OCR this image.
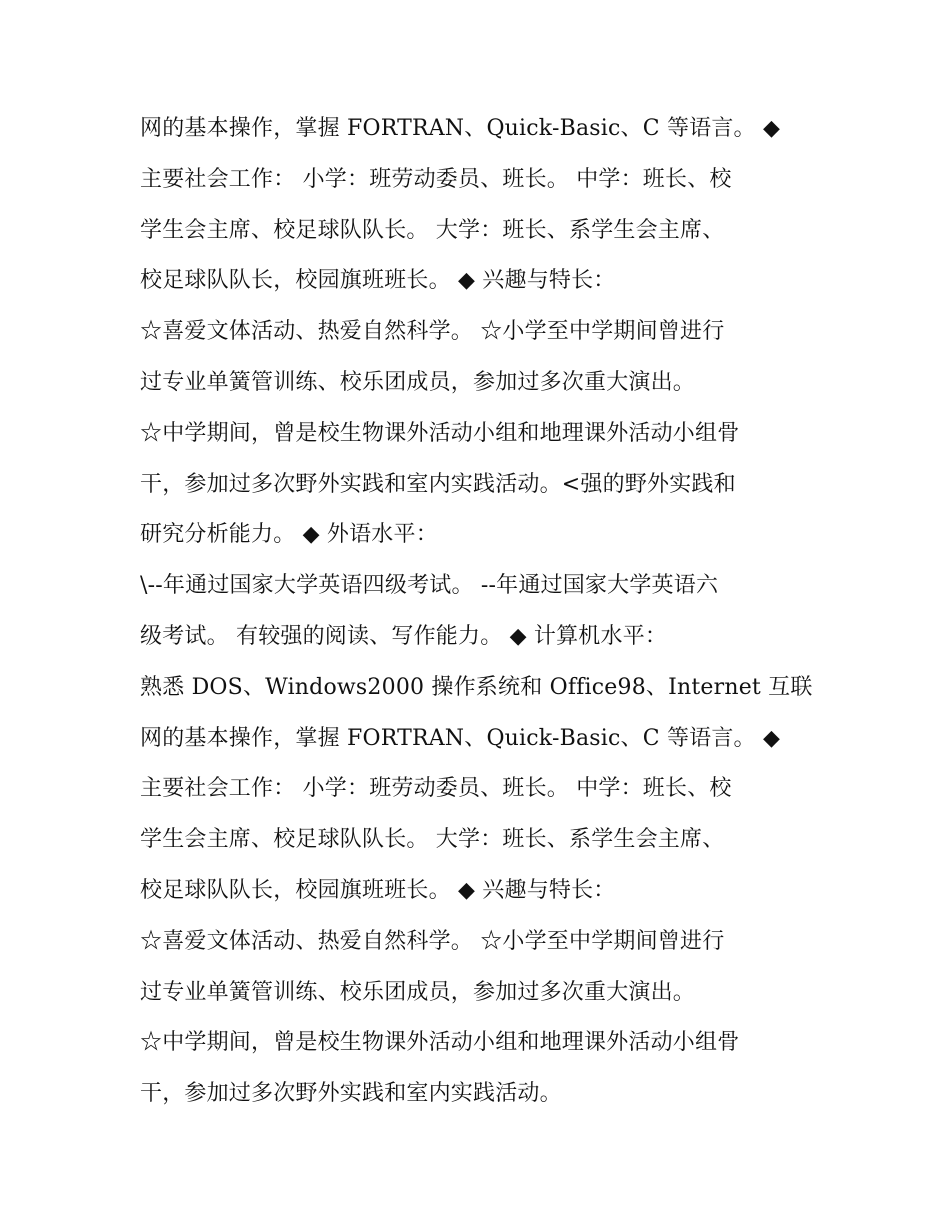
网的基本操作，掌握 FORTRAN、Quick-Basic、C 等语言。 ◆
主要社会工作： 小学：班劳动委员、班长。 中学：班长、校
学生会主席、校足球队队长。 大学：班长、系学生会主席、
校足球队队长，校园旗班班长。 ◆ 兴趣与特长：
☆喜爱文体活动、热爱自然科学。 ☆小学至中学期间曾进行
过专业单簧管训练、校乐团成员，参加过多次重大演出。
☆中学期间，曾是校生物课外活动小组和地理课外活动小组骨
干，参加过多次野外实践和室内实践活动。<强的野外实践和
研究分析能力。 ◆ 外语水平：
\--年通过国家大学英语四级考试。 --年通过国家大学英语六
级考试。 有较强的阅读、写作能力。 ◆ 计算机水平：
熟悉 DOS、Windows2000 操作系统和 Office98、Internet 互联
网的基本操作，掌握 FORTRAN、Quick-Basic、C 等语言。 ◆
主要社会工作： 小学：班劳动委员、班长。 中学：班长、校
学生会主席、校足球队队长。 大学：班长、系学生会主席、
校足球队队长，校园旗班班长。 ◆ 兴趣与特长：
☆喜爱文体活动、热爱自然科学。 ☆小学至中学期间曾进行
过专业单簧管训练、校乐团成员，参加过多次重大演出。
☆中学期间，曾是校生物课外活动小组和地理课外活动小组骨
干，参加过多次野外实践和室内实践活动。
